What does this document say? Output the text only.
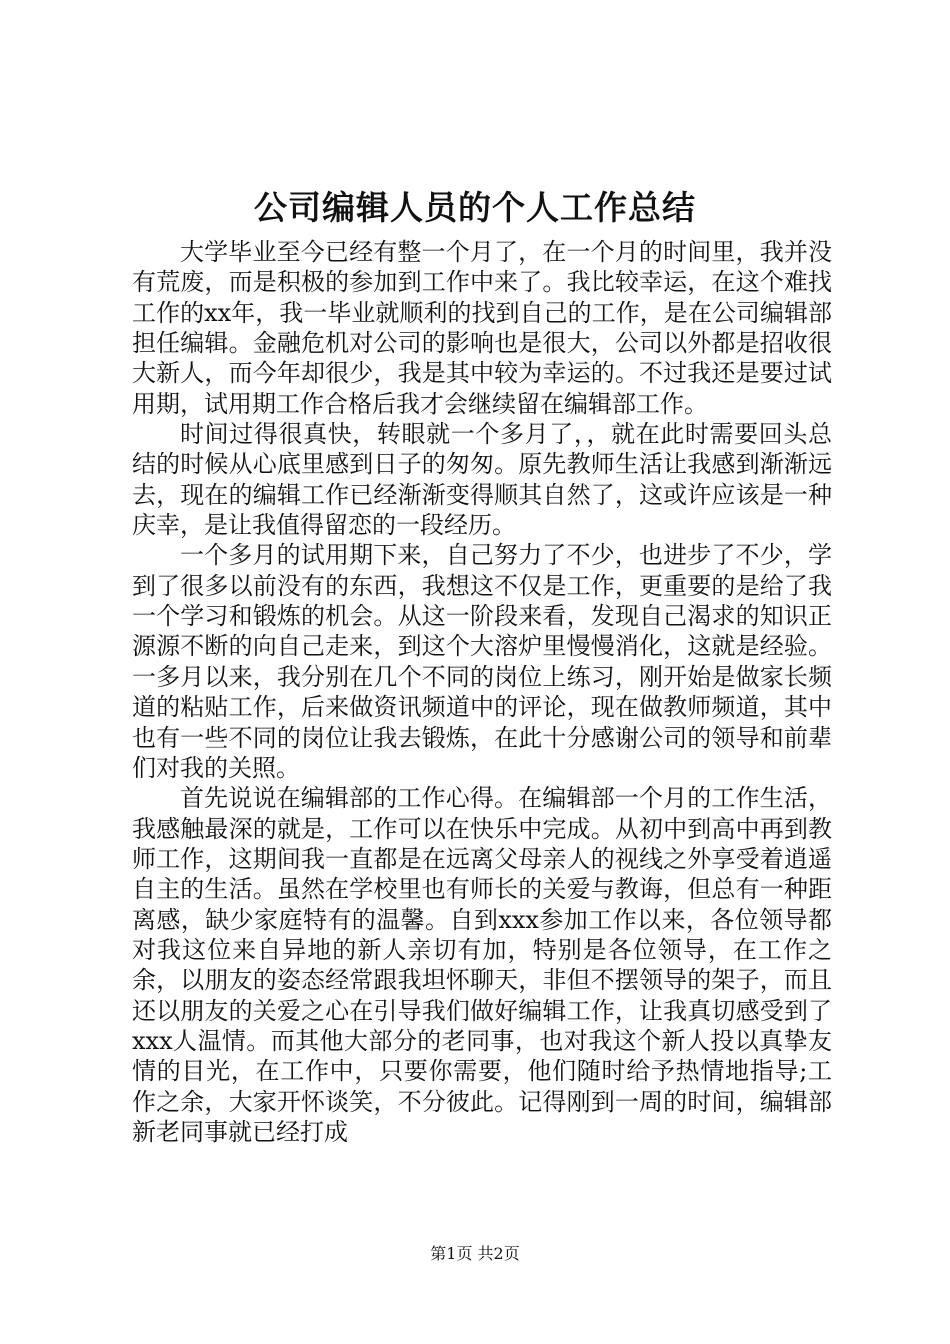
公司编辑人员的个人工作总结

大学毕业至今已经有整一个月了，在一个月的时间里，我并没有荒废，而是积极的参加到工作中来了。我比较幸运，在这个难找工作的xx年，我一毕业就顺利的找到自己的工作，是在公司编辑部担任编辑。金融危机对公司的影响也是很大，公司以外都是招收很大新人，而今年却很少，我是其中较为幸运的。不过我还是要过试用期，试用期工作合格后我才会继续留在编辑部工作。

时间过得很真快，转眼就一个多月了，，就在此时需要回头总结的时候从心底里感到日子的匆匆。原先教师生活让我感到渐渐远去，现在的编辑工作已经渐渐变得顺其自然了，这或许应该是一种庆幸，是让我值得留恋的一段经历。

一个多月的试用期下来，自己努力了不少，也进步了不少，学到了很多以前没有的东西，我想这不仅是工作，更重要的是给了我一个学习和锻炼的机会。从这一阶段来看，发现自己渴求的知识正源源不断的向自己走来，到这个大溶炉里慢慢消化，这就是经验。一多月以来，我分别在几个不同的岗位上练习，刚开始是做家长频道的粘贴工作，后来做资讯频道中的评论，现在做教师频道，其中也有一些不同的岗位让我去锻炼，在此十分感谢公司的领导和前辈们对我的关照。

首先说说在编辑部的工作心得。在编辑部一个月的工作生活，我感触最深的就是，工作可以在快乐中完成。从初中到高中再到教师工作，这期间我一直都是在远离父母亲人的视线之外享受着逍遥自主的生活。虽然在学校里也有师长的关爱与教诲，但总有一种距离感，缺少家庭特有的温馨。自到xxx参加工作以来，各位领导都对我这位来自异地的新人亲切有加，特别是各位领导，在工作之余，以朋友的姿态经常跟我坦怀聊天，非但不摆领导的架子，而且还以朋友的关爱之心在引导我们做好编辑工作，让我真切感受到了xxx人温情。而其他大部分的老同事，也对我这个新人投以真挚友情的目光，在工作中，只要你需要，他们随时给予热情地指导;工作之余，大家开怀谈笑，不分彼此。记得刚到一周的时间，编辑部新老同事就已经打成

第1页 共2页
